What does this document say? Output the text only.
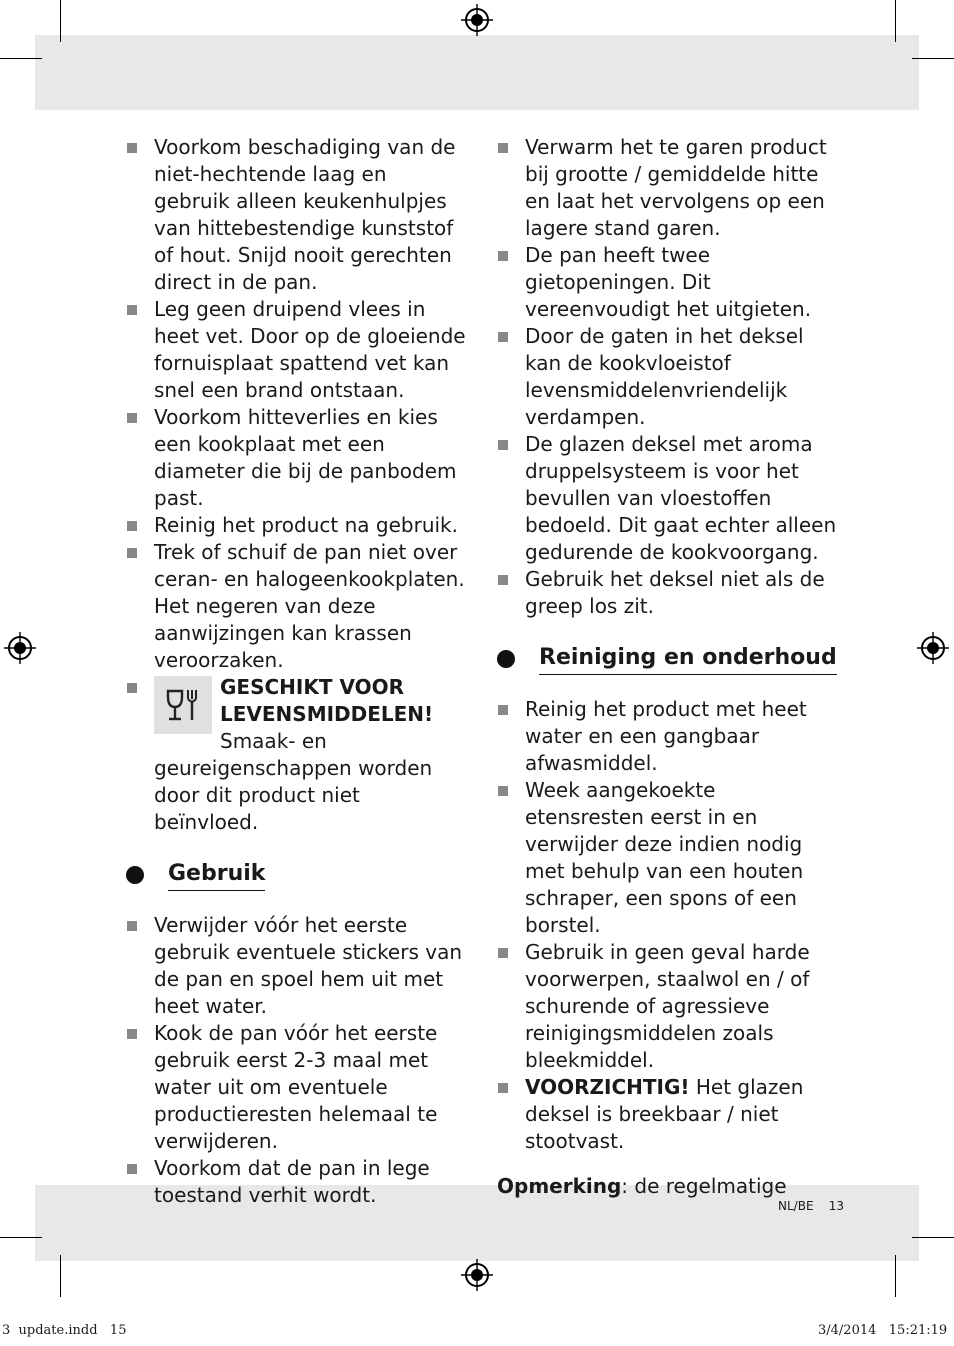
Voorkom beschadiging van de niet-hechtende laag en gebruik alleen keukenhulpjes van hittebestendige kunststof of hout. Snijd nooit gerechten direct in de pan.
Leg geen druipend vlees in heet vet. Door op de gloeiende fornuisplaat spattend vet kan snel een brand ontstaan.
Voorkom hitteverlies en kies een kookplaat met een diameter die bij de panbodem past.
Reinig het product na gebruik.
Trek of schuif de pan niet over ceran- en halogeenkookplaten. Het negeren van deze aanwijzingen kan krassen veroorzaken.
GESCHIKT VOOR LEVENSMIDDELEN! Smaak- en geureigenschappen worden door dit product niet beïnvloed.
Gebruik
Verwijder vóór het eerste gebruik eventuele stickers van de pan en spoel hem uit met heet water.
Kook de pan vóór het eerste gebruik eerst 2-3 maal met water uit om eventuele productieresten helemaal te verwijderen.
Voorkom dat de pan in lege toestand verhit wordt.
Verwarm het te garen product bij grootte / gemiddelde hitte en laat het vervolgens op een lagere stand garen.
De pan heeft twee gietopeningen. Dit vereenvoudigt het uitgieten.
Door de gaten in het deksel kan de kookvloeistof levensmiddelenvriendelijk verdampen.
De glazen deksel met aroma druppelsysteem is voor het bevullen van vloestoffen bedoeld. Dit gaat echter alleen gedurende de kookvoorgang.
Gebruik het deksel niet als de greep los zit.
Reiniging en onderhoud
Reinig het product met heet water en een gangbaar afwasmiddel.
Week aangekoekte etensresten eerst in en verwijder deze indien nodig met behulp van een houten schraper, een spons of een borstel.
Gebruik in geen geval harde voorwerpen, staalwol en / of schurende of agressieve reinigingsmiddelen zoals bleekmiddel.
VOORZICHTIG! Het glazen deksel is breekbaar / niet stootvast.
Opmerking: de regelmatige
NL/BE    13
3  update.indd   15	3/4/2014   15:21:19
